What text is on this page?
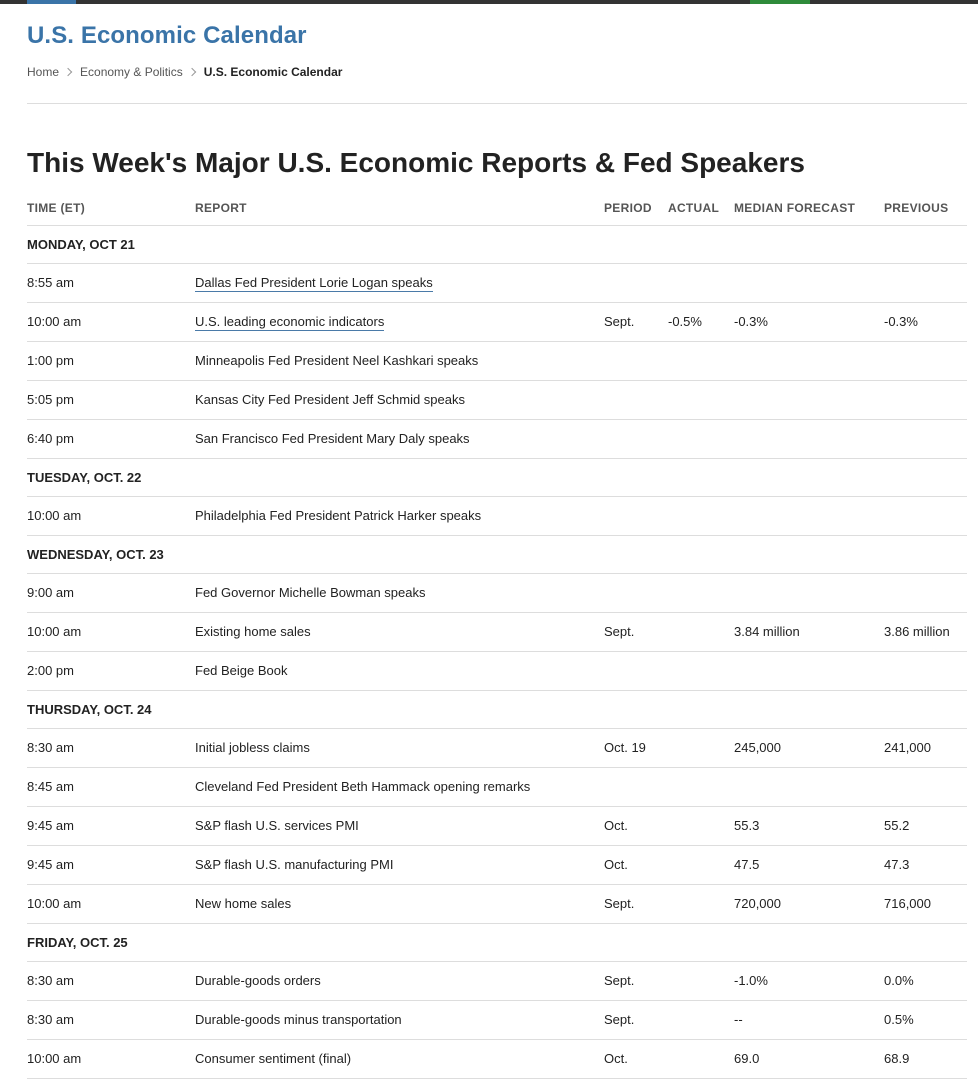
U.S. Economic Calendar
Home Economy & Politics U.S. Economic Calendar
This Week's Major U.S. Economic Reports & Fed Speakers
TIME (ET)	REPORT	PERIOD	ACTUAL	MEDIAN FORECAST	PREVIOUS
MONDAY, OCT 21					
8:55 am	Dallas Fed President Lorie Logan speaks				
10:00 am	U.S. leading economic indicators	Sept.	-0.5%	-0.3%	-0.3%
1:00 pm	Minneapolis Fed President Neel Kashkari speaks				
5:05 pm	Kansas City Fed President Jeff Schmid speaks				
6:40 pm	San Francisco Fed President Mary Daly speaks				
TUESDAY, OCT. 22					
10:00 am	Philadelphia Fed President Patrick Harker speaks				
WEDNESDAY, OCT. 23					
9:00 am	Fed Governor Michelle Bowman speaks				
10:00 am	Existing home sales	Sept.		3.84 million	3.86 million
2:00 pm	Fed Beige Book				
THURSDAY, OCT. 24					
8:30 am	Initial jobless claims	Oct. 19		245,000	241,000
8:45 am	Cleveland Fed President Beth Hammack opening remarks				
9:45 am	S&P flash U.S. services PMI	Oct.		55.3	55.2
9:45 am	S&P flash U.S. manufacturing PMI	Oct.		47.5	47.3
10:00 am	New home sales	Sept.		720,000	716,000
FRIDAY, OCT. 25					
8:30 am	Durable-goods orders	Sept.		-1.0%	0.0%
8:30 am	Durable-goods minus transportation	Sept.		--	0.5%
10:00 am	Consumer sentiment (final)	Oct.		69.0	68.9
